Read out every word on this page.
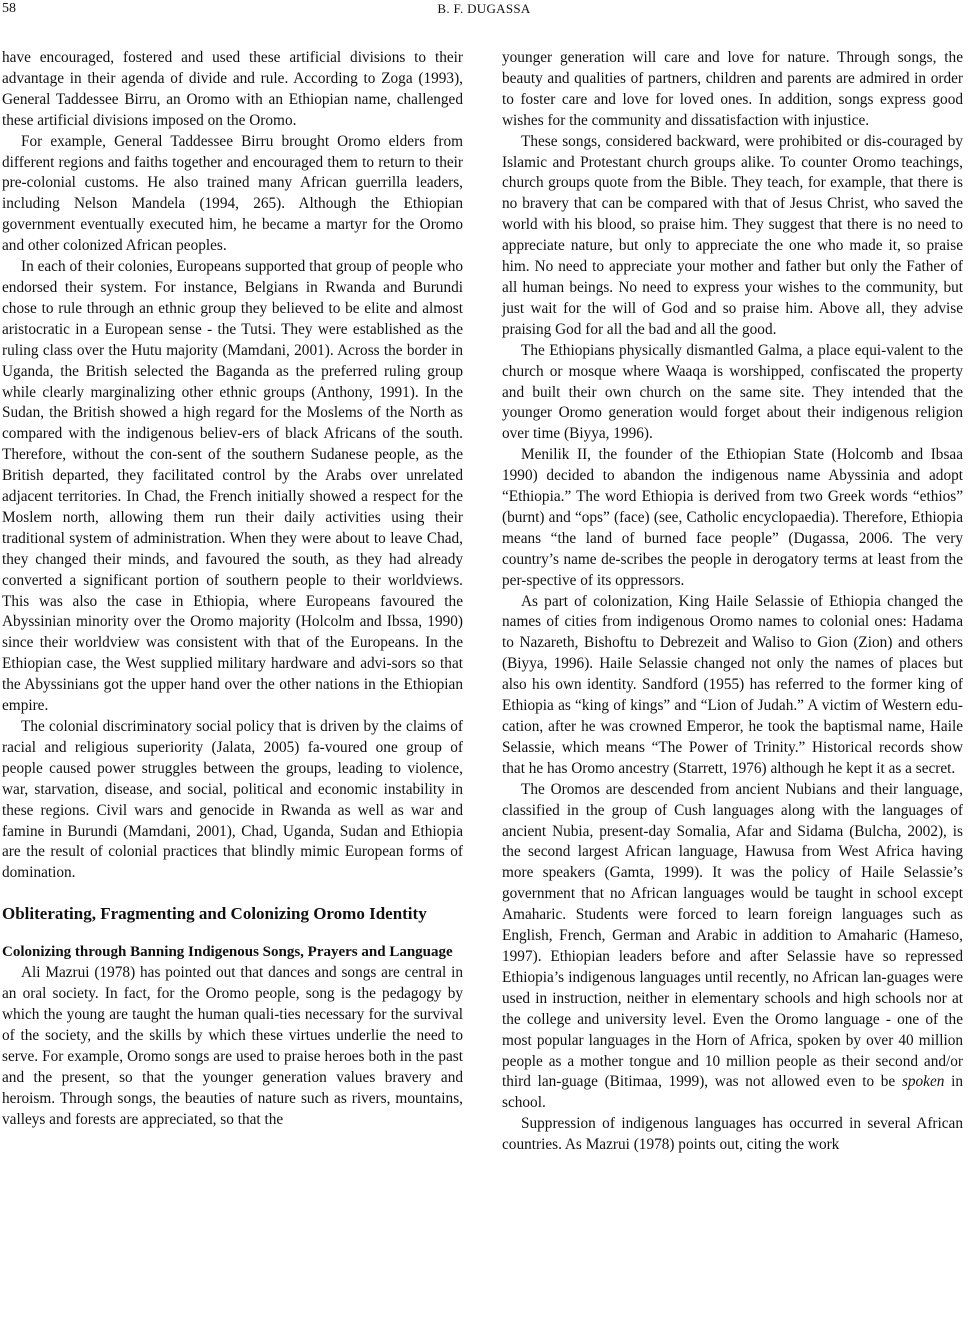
58	B. F. DUGASSA

have encouraged, fostered and used these artificial divisions to their advantage in their agenda of divide and rule. According to Zoga (1993), General Taddessee Birru, an Oromo with an Ethiopian name, challenged these artificial divisions imposed on the Oromo.

For example, General Taddessee Birru brought Oromo elders from different regions and faiths together and encouraged them to return to their pre-colonial customs. He also trained many African guerrilla leaders, including Nelson Mandela (1994, 265). Although the Ethiopian government eventually executed him, he became a martyr for the Oromo and other colonized African peoples.

In each of their colonies, Europeans supported that group of people who endorsed their system. For instance, Belgians in Rwanda and Burundi chose to rule through an ethnic group they believed to be elite and almost aristocratic in a European sense - the Tutsi. They were established as the ruling class over the Hutu majority (Mamdani, 2001). Across the border in Uganda, the British selected the Baganda as the preferred ruling group while clearly marginalizing other ethnic groups (Anthony, 1991). In the Sudan, the British showed a high regard for the Moslems of the North as compared with the indigenous believ-ers of black Africans of the south. Therefore, without the con-sent of the southern Sudanese people, as the British departed, they facilitated control by the Arabs over unrelated adjacent territories. In Chad, the French initially showed a respect for the Moslem north, allowing them run their daily activities using their traditional system of administration. When they were about to leave Chad, they changed their minds, and favoured the south, as they had already converted a significant portion of southern people to their worldviews. This was also the case in Ethiopia, where Europeans favoured the Abyssinian minority over the Oromo majority (Holcolm and Ibssa, 1990) since their worldview was consistent with that of the Europeans. In the Ethiopian case, the West supplied military hardware and advi-sors so that the Abyssinians got the upper hand over the other nations in the Ethiopian empire.

The colonial discriminatory social policy that is driven by the claims of racial and religious superiority (Jalata, 2005) fa-voured one group of people caused power struggles between the groups, leading to violence, war, starvation, disease, and social, political and economic instability in these regions. Civil wars and genocide in Rwanda as well as war and famine in Burundi (Mamdani, 2001), Chad, Uganda, Sudan and Ethiopia are the result of colonial practices that blindly mimic European forms of domination.

Obliterating, Fragmenting and Colonizing Oromo Identity
Colonizing through Banning Indigenous Songs, Prayers and Language

Ali Mazrui (1978) has pointed out that dances and songs are central in an oral society. In fact, for the Oromo people, song is the pedagogy by which the young are taught the human quali-ties necessary for the survival of the society, and the skills by which these virtues underlie the need to serve. For example, Oromo songs are used to praise heroes both in the past and the present, so that the younger generation values bravery and heroism. Through songs, the beauties of nature such as rivers, mountains, valleys and forests are appreciated, so that the

younger generation will care and love for nature. Through songs, the beauty and qualities of partners, children and parents are admired in order to foster care and love for loved ones. In addition, songs express good wishes for the community and dissatisfaction with injustice.

These songs, considered backward, were prohibited or dis-couraged by Islamic and Protestant church groups alike. To counter Oromo teachings, church groups quote from the Bible. They teach, for example, that there is no bravery that can be compared with that of Jesus Christ, who saved the world with his blood, so praise him. They suggest that there is no need to appreciate nature, but only to appreciate the one who made it, so praise him. No need to appreciate your mother and father but only the Father of all human beings. No need to express your wishes to the community, but just wait for the will of God and so praise him. Above all, they advise praising God for all the bad and all the good.

The Ethiopians physically dismantled Galma, a place equi-valent to the church or mosque where Waaqa is worshipped, confiscated the property and built their own church on the same site. They intended that the younger Oromo generation would forget about their indigenous religion over time (Biyya, 1996).

Menilik II, the founder of the Ethiopian State (Holcomb and Ibsaa 1990) decided to abandon the indigenous name Abyssinia and adopt “Ethiopia.” The word Ethiopia is derived from two Greek words “ethios” (burnt) and “ops” (face) (see, Catholic encyclopaedia). Therefore, Ethiopia means “the land of burned face people” (Dugassa, 2006. The very country’s name de-scribes the people in derogatory terms at least from the per-spective of its oppressors.

As part of colonization, King Haile Selassie of Ethiopia changed the names of cities from indigenous Oromo names to colonial ones: Hadama to Nazareth, Bishoftu to Debrezeit and Waliso to Gion (Zion) and others (Biyya, 1996). Haile Selassie changed not only the names of places but also his own identity. Sandford (1955) has referred to the former king of Ethiopia as “king of kings” and “Lion of Judah.” A victim of Western edu-cation, after he was crowned Emperor, he took the baptismal name, Haile Selassie, which means “The Power of Trinity.” Historical records show that he has Oromo ancestry (Starrett, 1976) although he kept it as a secret.

The Oromos are descended from ancient Nubians and their language, classified in the group of Cush languages along with the languages of ancient Nubia, present-day Somalia, Afar and Sidama (Bulcha, 2002), is the second largest African language, Hawusa from West Africa having more speakers (Gamta, 1999). It was the policy of Haile Selassie’s government that no African languages would be taught in school except Amaharic. Students were forced to learn foreign languages such as English, French, German and Arabic in addition to Amaharic (Hameso, 1997). Ethiopian leaders before and after Selassie have so repressed Ethiopia’s indigenous languages until recently, no African lan-guages were used in instruction, neither in elementary schools and high schools nor at the college and university level. Even the Oromo language - one of the most popular languages in the Horn of Africa, spoken by over 40 million people as a mother tongue and 10 million people as their second and/or third lan-guage (Bitimaa, 1999), was not allowed even to be spoken in school.

Suppression of indigenous languages has occurred in several African countries. As Mazrui (1978) points out, citing the work
